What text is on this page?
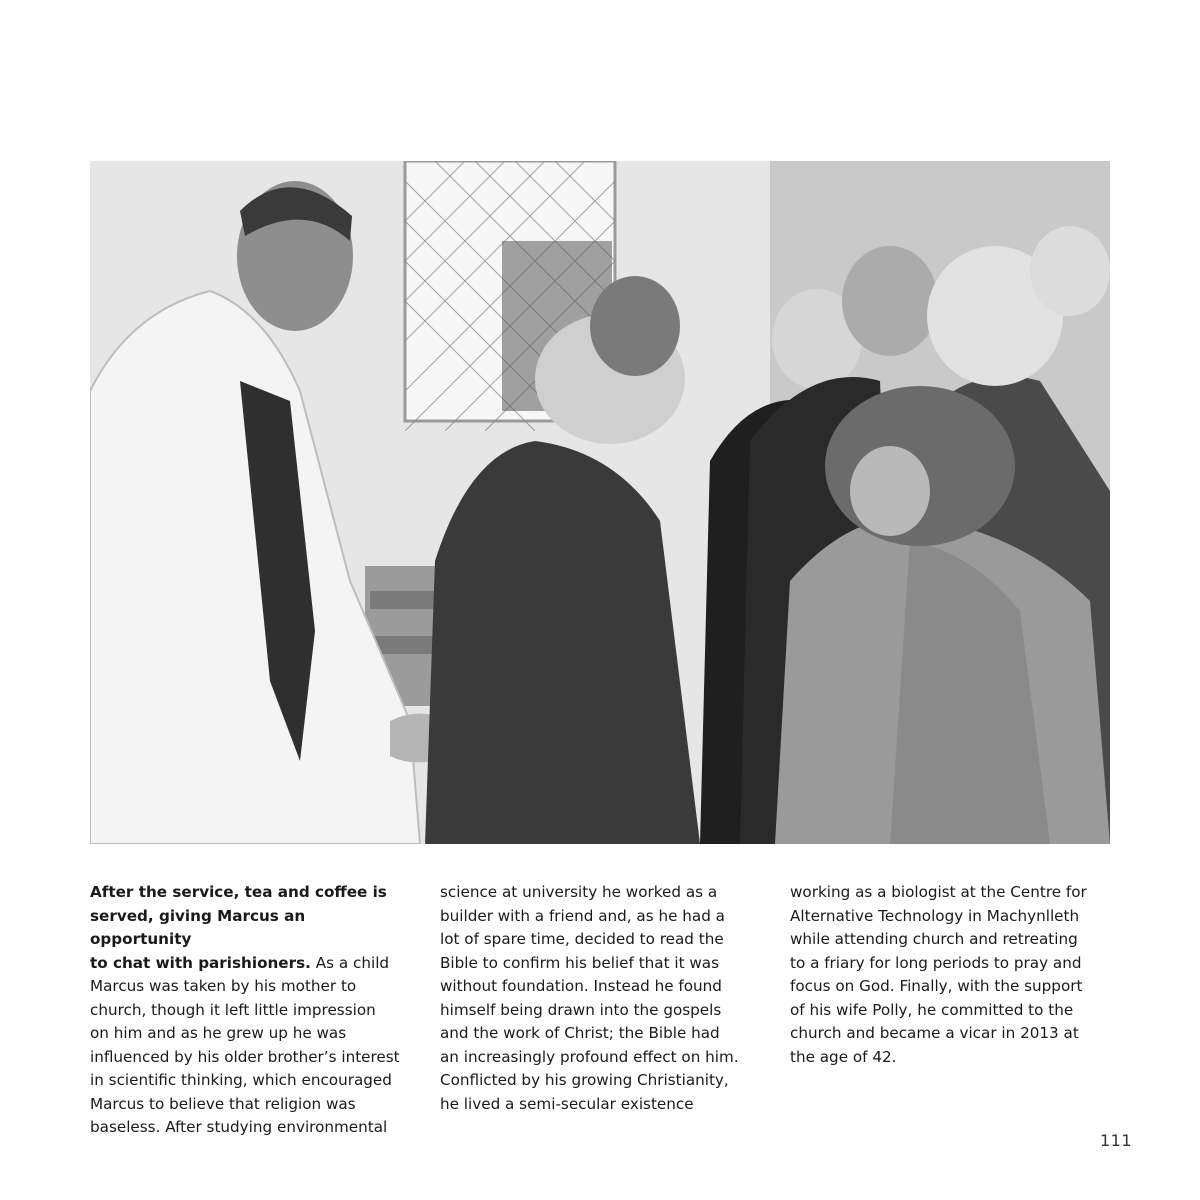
After the service, tea and coffee is
served, giving Marcus an opportunity
to chat with parishioners. As a child
Marcus was taken by his mother to
church, though it left little impression
on him and as he grew up he was
influenced by his older brother’s interest
in scientific thinking, which encouraged
Marcus to believe that religion was
baseless. After studying environmental

science at university he worked as a
builder with a friend and, as he had a
lot of spare time, decided to read the
Bible to confirm his belief that it was
without foundation. Instead he found
himself being drawn into the gospels
and the work of Christ; the Bible had
an increasingly profound effect on him.
Conflicted by his growing Christianity,
he lived a semi-secular existence

working as a biologist at the Centre for
Alternative Technology in Machynlleth
while attending church and retreating
to a friary for long periods to pray and
focus on God. Finally, with the support
of his wife Polly, he committed to the
church and became a vicar in 2013 at
the age of 42.

111
